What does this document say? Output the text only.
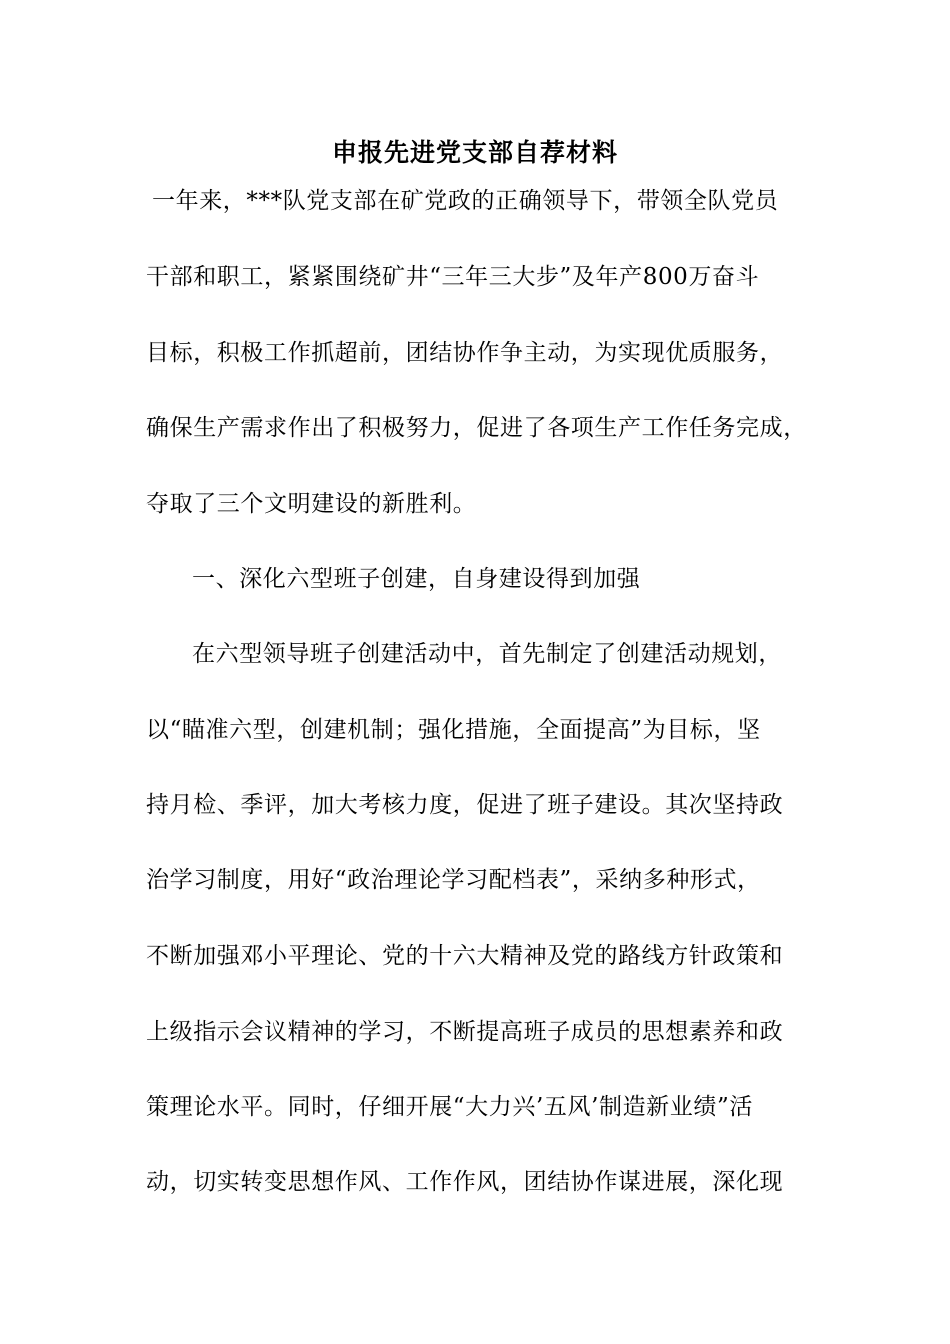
申报先进党支部自荐材料

一年来，***队党支部在矿党政的正确领导下，带领全队党员

干部和职工，紧紧围绕矿井“三年三大步”及年产800万奋斗

目标，积极工作抓超前，团结协作争主动，为实现优质服务，

确保生产需求作出了积极努力，促进了各项生产工作任务完成，

夺取了三个文明建设的新胜利。

一、深化六型班子创建，自身建设得到加强

在六型领导班子创建活动中，首先制定了创建活动规划，

以“瞄准六型，创建机制；强化措施，全面提高”为目标，坚

持月检、季评，加大考核力度，促进了班子建设。其次坚持政

治学习制度，用好“政治理论学习配档表”，采纳多种形式，

不断加强邓小平理论、党的十六大精神及党的路线方针政策和

上级指示会议精神的学习，不断提高班子成员的思想素养和政

策理论水平。同时，仔细开展“大力兴’五风’制造新业绩”活

动，切实转变思想作风、工作作风，团结协作谋进展，深化现
